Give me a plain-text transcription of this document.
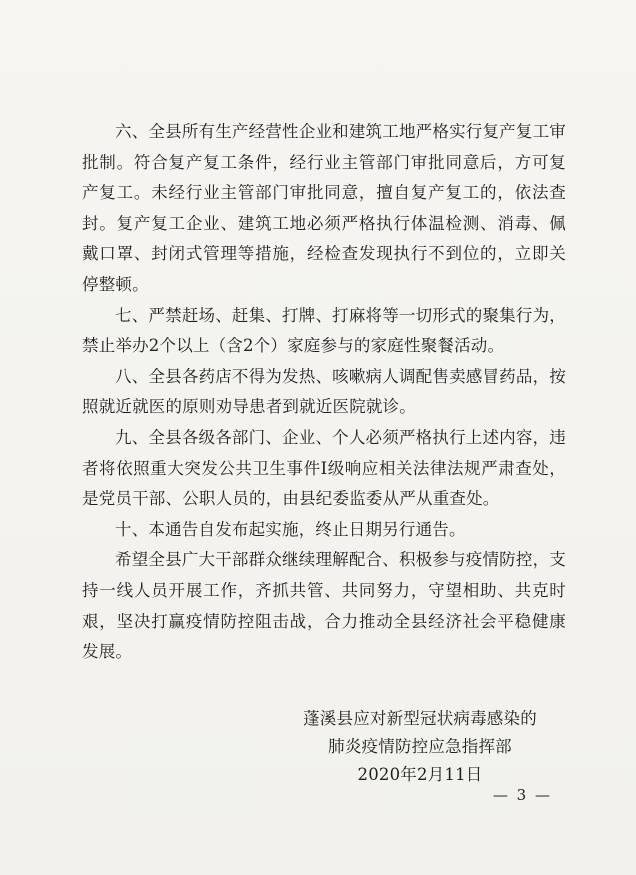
六、全县所有生产经营性企业和建筑工地严格实行复产复工审批制。符合复产复工条件，经行业主管部门审批同意后，方可复产复工。未经行业主管部门审批同意，擅自复产复工的，依法查封。复产复工企业、建筑工地必须严格执行体温检测、消毒、佩戴口罩、封闭式管理等措施，经检查发现执行不到位的，立即关停整顿。

七、严禁赶场、赶集、打牌、打麻将等一切形式的聚集行为，禁止举办2个以上（含2个）家庭参与的家庭性聚餐活动。

八、全县各药店不得为发热、咳嗽病人调配售卖感冒药品，按照就近就医的原则劝导患者到就近医院就诊。

九、全县各级各部门、企业、个人必须严格执行上述内容，违者将依照重大突发公共卫生事件Ⅰ级响应相关法律法规严肃查处，是党员干部、公职人员的，由县纪委监委从严从重查处。

十、本通告自发布起实施，终止日期另行通告。

希望全县广大干部群众继续理解配合、积极参与疫情防控，支持一线人员开展工作，齐抓共管、共同努力，守望相助、共克时艰，坚决打赢疫情防控阻击战，合力推动全县经济社会平稳健康发展。

蓬溪县应对新型冠状病毒感染的
肺炎疫情防控应急指挥部
2020年2月11日
— 3 —
